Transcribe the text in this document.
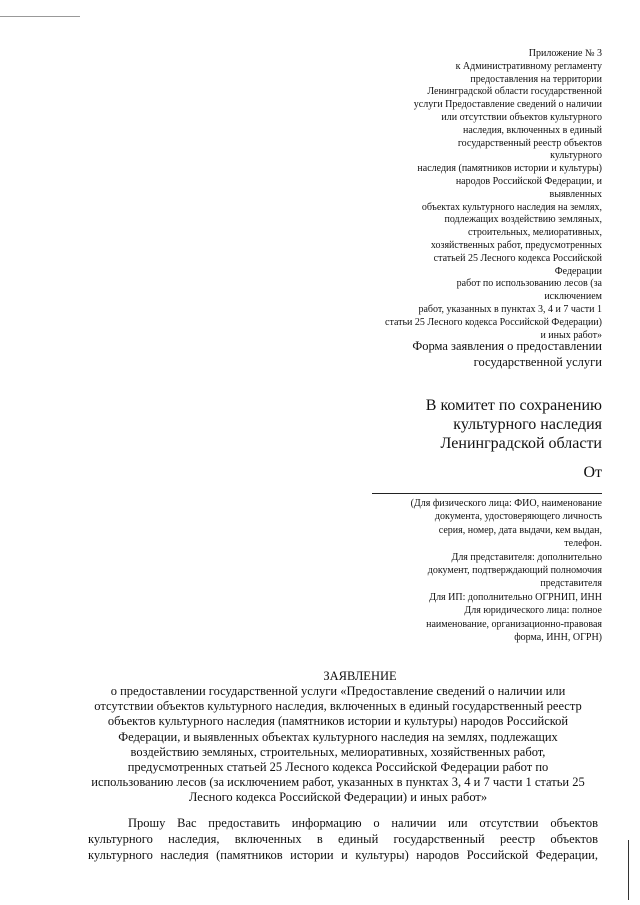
Приложение № 3
к Административному регламенту
предоставления на территории
Ленинградской области государственной
услуги Предоставление сведений о наличии
или отсутствии объектов культурного
наследия, включенных в единый
государственный реестр объектов
культурного
наследия (памятников истории и культуры)
народов Российской Федерации, и
выявленных
объектах культурного наследия на землях,
подлежащих воздействию земляных,
строительных, мелиоративных,
хозяйственных работ, предусмотренных
статьей 25 Лесного кодекса Российской
Федерации
работ по использованию лесов (за
исключением
работ, указанных в пунктах 3, 4 и 7 части 1
статьи 25 Лесного кодекса Российской Федерации)
и иных работ»
Форма заявления о предоставлении
государственной услуги
В комитет по сохранению
культурного наследия
Ленинградской области
От
(Для физического лица: ФИО, наименование
документа, удостоверяющего личность
серия, номер, дата выдачи, кем выдан,
телефон.
Для представителя: дополнительно
документ, подтверждающий полномочия
представителя
Для ИП: дополнительно ОГРНИП, ИНН
Для юридического лица: полное
наименование, организационно-правовая
форма, ИНН, ОГРН)
ЗАЯВЛЕНИЕ
о предоставлении государственной услуги «Предоставление сведений о наличии или
отсутствии объектов культурного наследия, включенных в единый государственный реестр
объектов культурного наследия (памятников истории и культуры) народов Российской
Федерации, и выявленных объектах культурного наследия на землях, подлежащих
воздействию земляных, строительных, мелиоративных, хозяйственных работ,
предусмотренных статьей 25 Лесного кодекса Российской Федерации работ по
использованию лесов (за исключением работ, указанных в пунктах 3, 4 и 7 части 1 статьи 25
Лесного кодекса Российской Федерации) и иных работ»
Прошу Вас предоставить информацию о наличии или отсутствии объектов
культурного наследия, включенных в единый государственный реестр объектов
культурного наследия (памятников истории и культуры) народов Российской Федерации,
